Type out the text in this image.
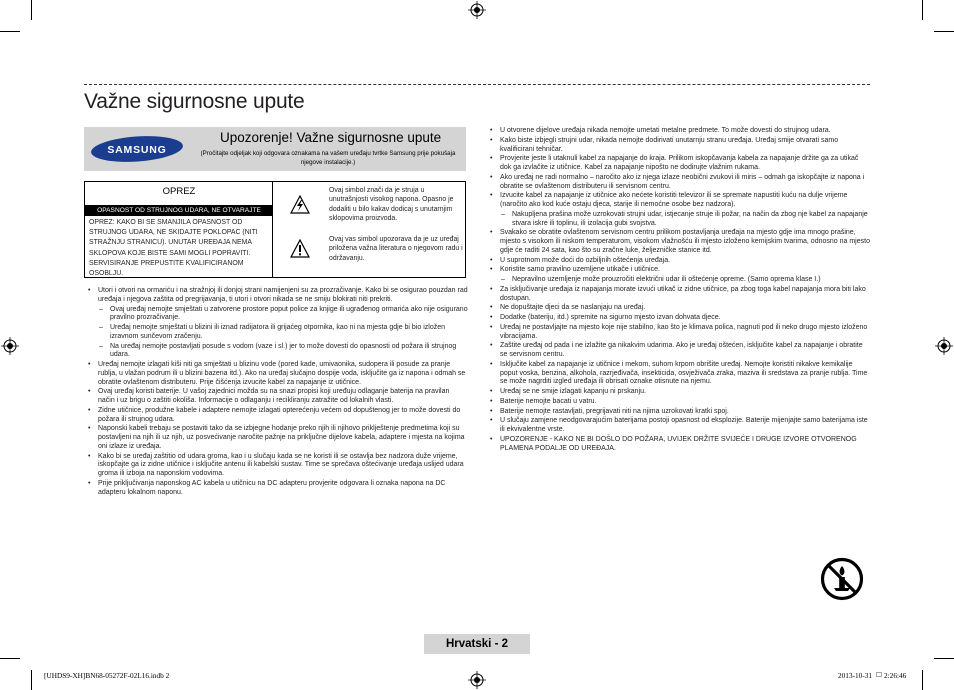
Važne sigurnosne upute
SAMSUNG
Upozorenje! Važne sigurnosne upute
(Pročitajte odjeljak koji odgovara oznakama na vašem uređaju tvrtke Samsung prije pokušaja njegove instalacije.)
OPREZ
OPASNOST OD STRUJNOG UDARA, NE OTVARAJTE
OPREZ: KAKO BI SE SMANJILA OPASNOST OD STRUJNOG UDARA, NE SKIDAJTE POKLOPAC (NITI STRAŽNJU STRANICU). UNUTAR UREĐAJA NEMA SKLOPOVA KOJE BISTE SAMI MOGLI POPRAVITI. SERVISIRANJE PREPUSTITE KVALIFICIRANOM OSOBLJU.
Ovaj simbol znači da je struja u unutrašnjosti visokog napona. Opasno je dodaliti u bilo kakav dodicaj s unutarnjim sklopovima proizvoda.
Ovaj vas simbol upozorava da je uz uređaj priložena važna literatura o njegovom radu i održavanju.
• Utori i otvori na ormariću i na stražnjoj ili donjoj strani namijenjeni su za prozračivanje. Kako bi se osigurao pouzdan rad uređaja i njegova zaštita od pregrijavanja, ti utori i otvori nikada se ne smiju blokirati niti prekriti.
– Ovaj uređaj nemojte smještati u zatvorene prostore poput police za knjige ili ugrađenog ormarića ako nije osigurano pravilno prozračivanje.
– Uređaj nemojte smještati u blizini ili iznad radijatora ili grijaćeg otpornika, kao ni na mjesta gdje bi bio izložen izravnom sunčevom zračenju.
– Na uređaj nemojte postavljati posude s vodom (vaze i sl.) jer to može dovesti do opasnosti od požara ili strujnog udara.
• Uređaj nemojte izlagati kiši niti ga smještati u blizinu vode (pored kade, umivaonika, sudopera ili posude za pranje rublja, u vlažan podrum ili u blizini bazena itd.). Ako na uređaj slučajno dospije voda, isključite ga iz napona i odmah se obratite ovlaštenom distributeru. Prije čišćenja izvucite kabel za napajanje iz utičnice.
• Ovaj uređaj koristi baterije. U vašoj zajednici možda su na snazi propisi koji uređuju odlaganje baterija na pravilan način i uz brigu o zaštiti okoliša. Informacije o odlaganju i recikliranju zatražite od lokalnih vlasti.
• Zidne utičnice, produžne kabele i adaptere nemojte izlagati opterećenju većem od dopuštenog jer to može dovesti do požara ili strujnog udara.
• Naponski kabeli trebaju se postaviti tako da se izbjegne hodanje preko njih ili njihovo priklještenje predmetima koji su postavljeni na njih ili uz njih, uz posvećivanje naročite pažnje na priključne dijelove kabela, adaptere i mjesta na kojima oni izlaze iz uređaja.
• Kako bi se uređaj zaštitio od udara groma, kao i u slučaju kada se ne koristi ili se ostavlja bez nadzora duže vrijeme, iskopčajte ga iz zidne utičnice i isključite antenu ili kabelski sustav. Time se sprečava oštećivanje uređaja uslijed udara groma ili izboja na naponskim vodovima.
• Prije priključivanja naponskog AC kabela u utičnicu na DC adapteru provjerite odgovara li oznaka napona na DC adapteru lokalnom naponu.
• U otvorene dijelove uređaja nikada nemojte umetati metalne predmete. To može dovesti do strujnog udara.
• Kako biste izbjegli strujni udar, nikada nemojte dodirivati unutarnju stranu uređaja. Uređaj smije otvarati samo kvalificirani tehničar.
• Provjerite jeste li utaknuli kabel za napajanje do kraja. Prilikom iskopčavanja kabela za napajanje držite ga za utikač dok ga izvlačite iz utičnice. Kabel za napajanje nipošto ne dodirujte vlažnim rukama.
• Ako uređaj ne radi normalno – naročito ako iz njega izlaze neobični zvukovi ili miris – odmah ga iskopčajte iz napona i obratite se ovlaštenom distributeru ili servisnom centru.
• Izvucite kabel za napajanje iz utičnice ako nećete koristiti televizor ili se spremate napustiti kuću na dulje vrijeme (naročito ako kod kuće ostaju djeca, starije ili nemoćne osobe bez nadzora).
– Nakupljena prašina može uzrokovati strujni udar, istjecanje struje ili požar, na način da zbog nje kabel za napajanje stvara iskre ili toplinu, ili izolacija gubi svojstva.
• Svakako se obratite ovlaštenom servisnom centru prilikom postavljanja uređaja na mjesto gdje ima mnogo prašine, mjesto s visokom ili niskom temperaturom, visokom vlažnošću ili mjesto izloženo kemijskim tvarima, odnosno na mjesto gdje će raditi 24 sata, kao što su zračne luke, željezničke stanice itd.
• U suprotnom može doći do ozbiljnih oštećenja uređaja.
• Koristite samo pravilno uzemljene utikače i utičnice.
– Nepravilno uzemljenje može prouzročiti električni udar ili oštećenje opreme. (Samo oprema klase I.)
• Za isključivanje uređaja iz napajanja morate izvući utikač iz zidne utičnice, pa zbog toga kabel napajanja mora biti lako dostupan.
• Ne dopuštajte djeci da se naslanjaju na uređaj.
• Dodatke (bateriju, itd.) spremite na sigurno mjesto izvan dohvata djece.
• Uređaj ne postavljajte na mjesto koje nije stabilno, kao što je klimava polica, nagnuti pod ili neko drugo mjesto izloženo vibracijama.
• Zaštite uređaj od pada i ne izlažite ga nikakvim udarima. Ako je uređaj oštećen, isključite kabel za napajanje i obratite se servisnom centru.
• Isključite kabel za napajanje iz utičnice i mekom, suhom krpom obrišite uređaj. Nemojte koristiti nikakve kemikalije poput voska, benzina, alkohola, razrjeđivača, insekticida, osvježivača zraka, maziva ili sredstava za pranje rublja. Time se može nagrditi izgled uređaja ili obrisati oznake otisnute na njemu.
• Uređaj se ne smije izlagati kapanju ni prskanju.
• Baterije nemojte bacati u vatru.
• Baterije nemojte rastavljati, pregrijavati niti na njima uzrokovati kratki spoj.
• U slučaju zamjene neodgovarajućim baterijama postoji opasnost od eksplozije. Baterije mijenjajte samo baterijama iste ili ekvivalentne vrste.
• UPOZORENJE - KAKO NE BI DOŠLO DO POŽARA, UVIJEK DRŽITE SVIJEĆE I DRUGE IZVORE OTVORENOG PLAMENA PODALJE OD UREĐAJA.
Hrvatski - 2
[UHDS9-XH]BN68-05272F-02L16.indb 2	2013-10-31 ☐ 2:26:46
